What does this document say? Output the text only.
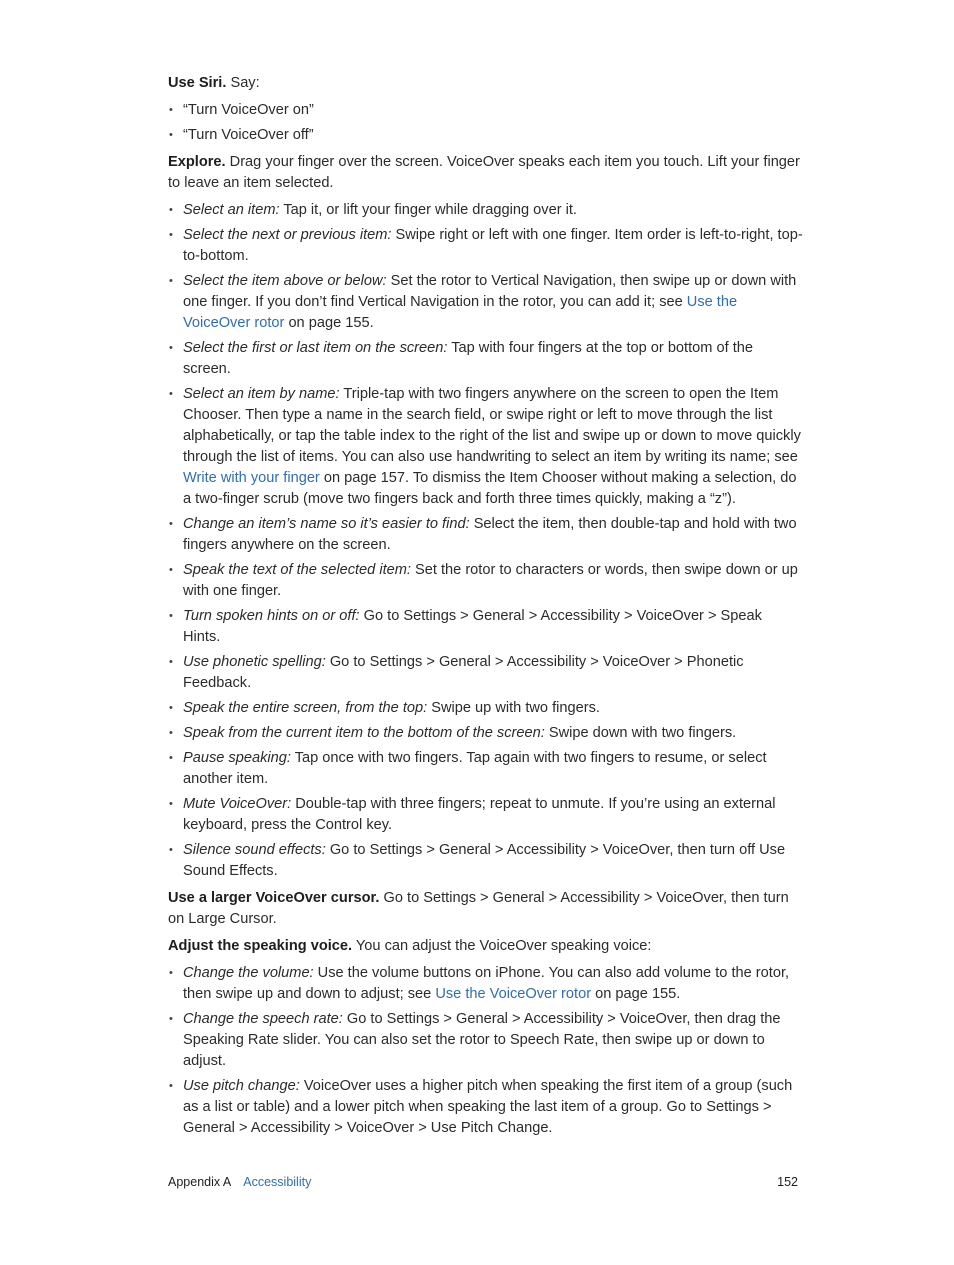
Use Siri. Say:

• “Turn VoiceOver on”
• “Turn VoiceOver off”

Explore. Drag your finger over the screen. VoiceOver speaks each item you touch. Lift your finger to leave an item selected.

• Select an item: Tap it, or lift your finger while dragging over it.
• Select the next or previous item: Swipe right or left with one finger. Item order is left-to-right, top-to-bottom.
• Select the item above or below: Set the rotor to Vertical Navigation, then swipe up or down with one finger. If you don’t find Vertical Navigation in the rotor, you can add it; see Use the VoiceOver rotor on page 155.
• Select the first or last item on the screen: Tap with four fingers at the top or bottom of the screen.
• Select an item by name: Triple-tap with two fingers anywhere on the screen to open the Item Chooser. Then type a name in the search field, or swipe right or left to move through the list alphabetically, or tap the table index to the right of the list and swipe up or down to move quickly through the list of items. You can also use handwriting to select an item by writing its name; see Write with your finger on page 157. To dismiss the Item Chooser without making a selection, do a two-finger scrub (move two fingers back and forth three times quickly, making a “z”).
• Change an item’s name so it’s easier to find: Select the item, then double-tap and hold with two fingers anywhere on the screen.
• Speak the text of the selected item: Set the rotor to characters or words, then swipe down or up with one finger.
• Turn spoken hints on or off: Go to Settings > General > Accessibility > VoiceOver > Speak Hints.
• Use phonetic spelling: Go to Settings > General > Accessibility > VoiceOver > Phonetic Feedback.
• Speak the entire screen, from the top: Swipe up with two fingers.
• Speak from the current item to the bottom of the screen: Swipe down with two fingers.
• Pause speaking: Tap once with two fingers. Tap again with two fingers to resume, or select another item.
• Mute VoiceOver: Double-tap with three fingers; repeat to unmute. If you’re using an external keyboard, press the Control key.
• Silence sound effects: Go to Settings > General > Accessibility > VoiceOver, then turn off Use Sound Effects.

Use a larger VoiceOver cursor. Go to Settings > General > Accessibility > VoiceOver, then turn on Large Cursor.

Adjust the speaking voice. You can adjust the VoiceOver speaking voice:

• Change the volume: Use the volume buttons on iPhone. You can also add volume to the rotor, then swipe up and down to adjust; see Use the VoiceOver rotor on page 155.
• Change the speech rate: Go to Settings > General > Accessibility > VoiceOver, then drag the Speaking Rate slider. You can also set the rotor to Speech Rate, then swipe up or down to adjust.
• Use pitch change: VoiceOver uses a higher pitch when speaking the first item of a group (such as a list or table) and a lower pitch when speaking the last item of a group. Go to Settings > General > Accessibility > VoiceOver > Use Pitch Change.
Appendix A Accessibility	152
